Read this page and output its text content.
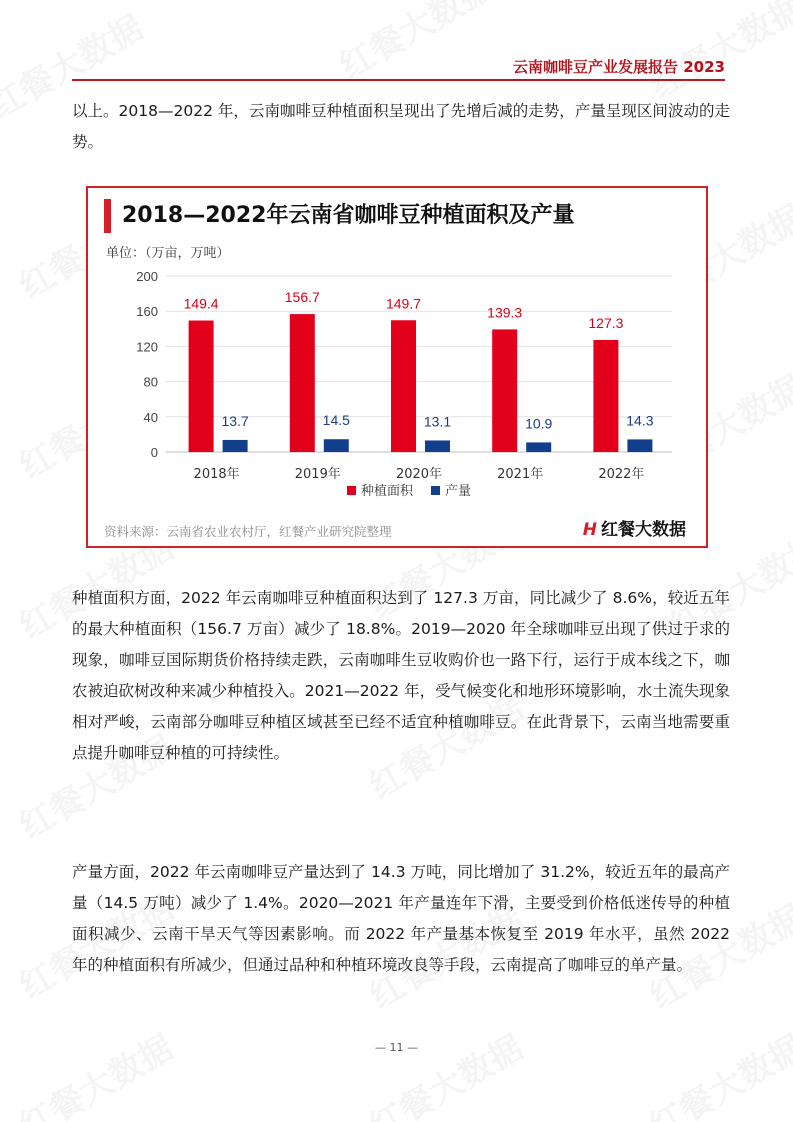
云南咖啡豆产业发展报告 2023
以上。2018—2022 年，云南咖啡豆种植面积呈现出了先增后减的走势，产量呈现区间波动的走势。
2018—2022年云南省咖啡豆种植面积及产量
单位：（万亩，万吨）
0
40
80
120
160
200
149.4
13.7
2018年
156.7
14.5
2019年
149.7
13.1
2020年
139.3
10.9
2021年
127.3
14.3
2022年
种植面积 产量
资料来源：云南省农业农村厅，红餐产业研究院整理	H 红餐大数据
种植面积方面，2022 年云南咖啡豆种植面积达到了 127.3 万亩，同比减少了 8.6%，较近五年的最大种植面积（156.7 万亩）减少了 18.8%。2019—2020 年全球咖啡豆出现了供过于求的现象，咖啡豆国际期货价格持续走跌，云南咖啡生豆收购价也一路下行，运行于成本线之下，咖农被迫砍树改种来减少种植投入。2021—2022 年，受气候变化和地形环境影响，水土流失现象相对严峻，云南部分咖啡豆种植区域甚至已经不适宜种植咖啡豆。在此背景下，云南当地需要重点提升咖啡豆种植的可持续性。
产量方面，2022 年云南咖啡豆产量达到了 14.3 万吨，同比增加了 31.2%，较近五年的最高产量（14.5 万吨）减少了 1.4%。2020—2021 年产量连年下滑，主要受到价格低迷传导的种植面积减少、云南干旱天气等因素影响。而 2022 年产量基本恢复至 2019 年水平，虽然 2022 年的种植面积有所减少，但通过品种和种植环境改良等手段，云南提高了咖啡豆的单产量。
— 11 —
